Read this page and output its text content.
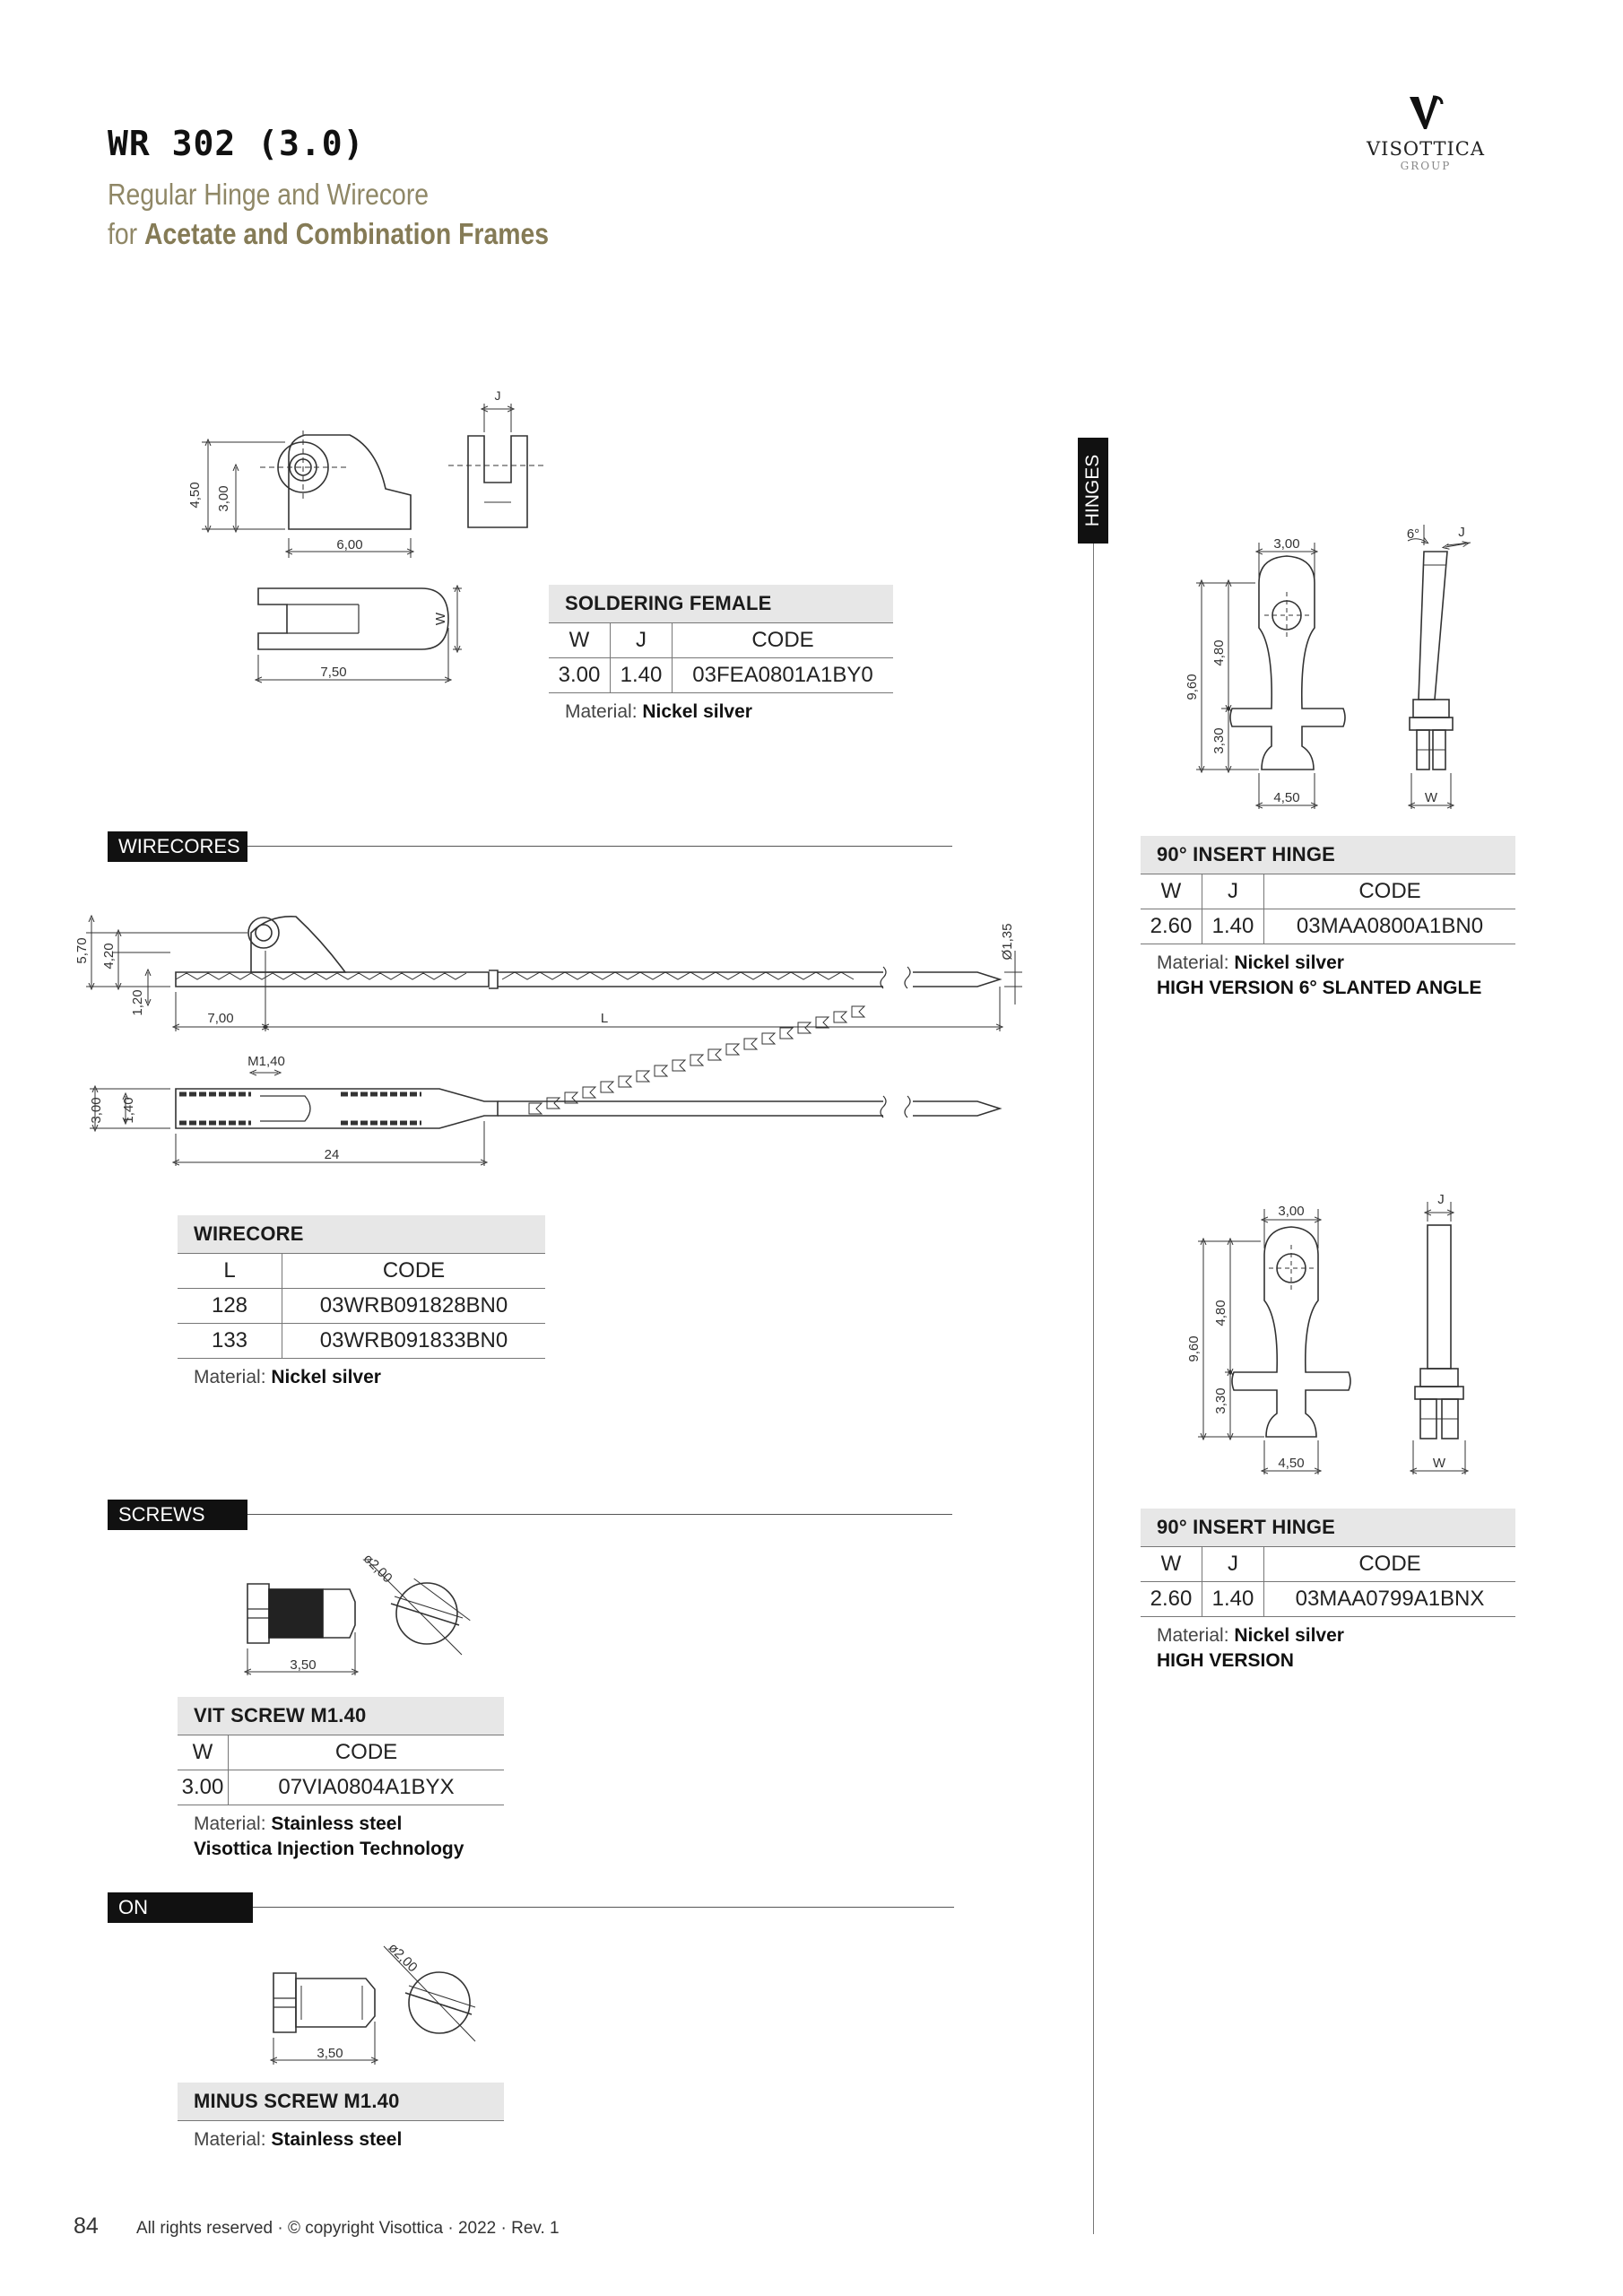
WR 302 (3.0)
Regular Hinge and Wirecore
for Acetate and Combination Frames
VISOTTICA
GROUP
HINGES
4,50 3,00
6,00
J
7,50
W
5,70 4,20
1,20
7,00	L
Ø1,35
M1,40
3,00 1,40
24
ø2,00
3,50
ø2,00
3,50
3,00
6°	J
9,60
4,80
3,30
4,50	W
3,00
J
9,60
4,80
3,30
4,50	W
WIRECORES
SCREWS
ON REQUEST
SOLDERING FEMALE
W	J	CODE
3.00	1.40	03FEA0801A1BY0
Material: Nickel silver
WIRECORE
L	CODE
128	03WRB091828BN0
133	03WRB091833BN0
Material: Nickel silver
VIT SCREW M1.40
W	CODE
3.00	07VIA0804A1BYX
Material: Stainless steel
Visottica Injection Technology
MINUS SCREW M1.40
Material: Stainless steel
90° INSERT HINGE
W	J	CODE
2.60	1.40	03MAA0800A1BN0
Material: Nickel silver
HIGH VERSION 6° SLANTED ANGLE
90° INSERT HINGE
W	J	CODE
2.60	1.40	03MAA0799A1BNX
Material: Nickel silver
HIGH VERSION
84 All rights reserved · © copyright Visottica · 2022 · Rev. 1
